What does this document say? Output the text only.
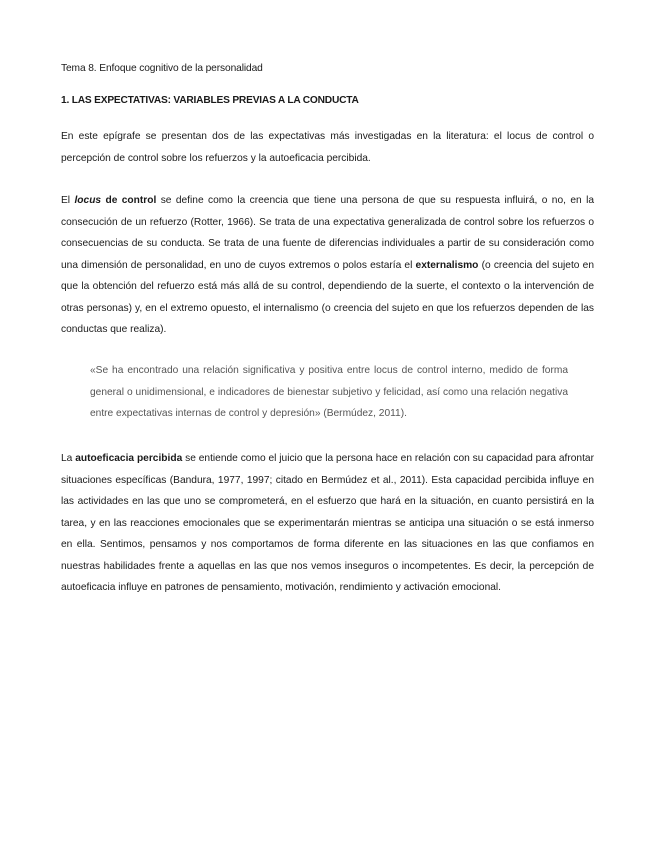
Tema 8. Enfoque cognitivo de la personalidad
1. LAS EXPECTATIVAS: VARIABLES PREVIAS A LA CONDUCTA
En este epígrafe se presentan dos de las expectativas más investigadas en la literatura: el locus de control o percepción de control sobre los refuerzos y la autoeficacia percibida.
El locus de control se define como la creencia que tiene una persona de que su respuesta influirá, o no, en la consecución de un refuerzo (Rotter, 1966). Se trata de una expectativa generalizada de control sobre los refuerzos o consecuencias de su conducta. Se trata de una fuente de diferencias individuales a partir de su consideración como una dimensión de personalidad, en uno de cuyos extremos o polos estaría el externalismo (o creencia del sujeto en que la obtención del refuerzo está más allá de su control, dependiendo de la suerte, el contexto o la intervención de otras personas) y, en el extremo opuesto, el internalismo (o creencia del sujeto en que los refuerzos dependen de las conductas que realiza).
«Se ha encontrado una relación significativa y positiva entre locus de control interno, medido de forma general o unidimensional, e indicadores de bienestar subjetivo y felicidad, así como una relación negativa entre expectativas internas de control y depresión» (Bermúdez, 2011).
La autoeficacia percibida se entiende como el juicio que la persona hace en relación con su capacidad para afrontar situaciones específicas (Bandura, 1977, 1997; citado en Bermúdez et al., 2011). Esta capacidad percibida influye en las actividades en las que uno se comprometerá, en el esfuerzo que hará en la situación, en cuanto persistirá en la tarea, y en las reacciones emocionales que se experimentarán mientras se anticipa una situación o se está inmerso en ella. Sentimos, pensamos y nos comportamos de forma diferente en las situaciones en las que confiamos en nuestras habilidades frente a aquellas en las que nos vemos inseguros o incompetentes. Es decir, la percepción de autoeficacia influye en patrones de pensamiento, motivación, rendimiento y activación emocional.
